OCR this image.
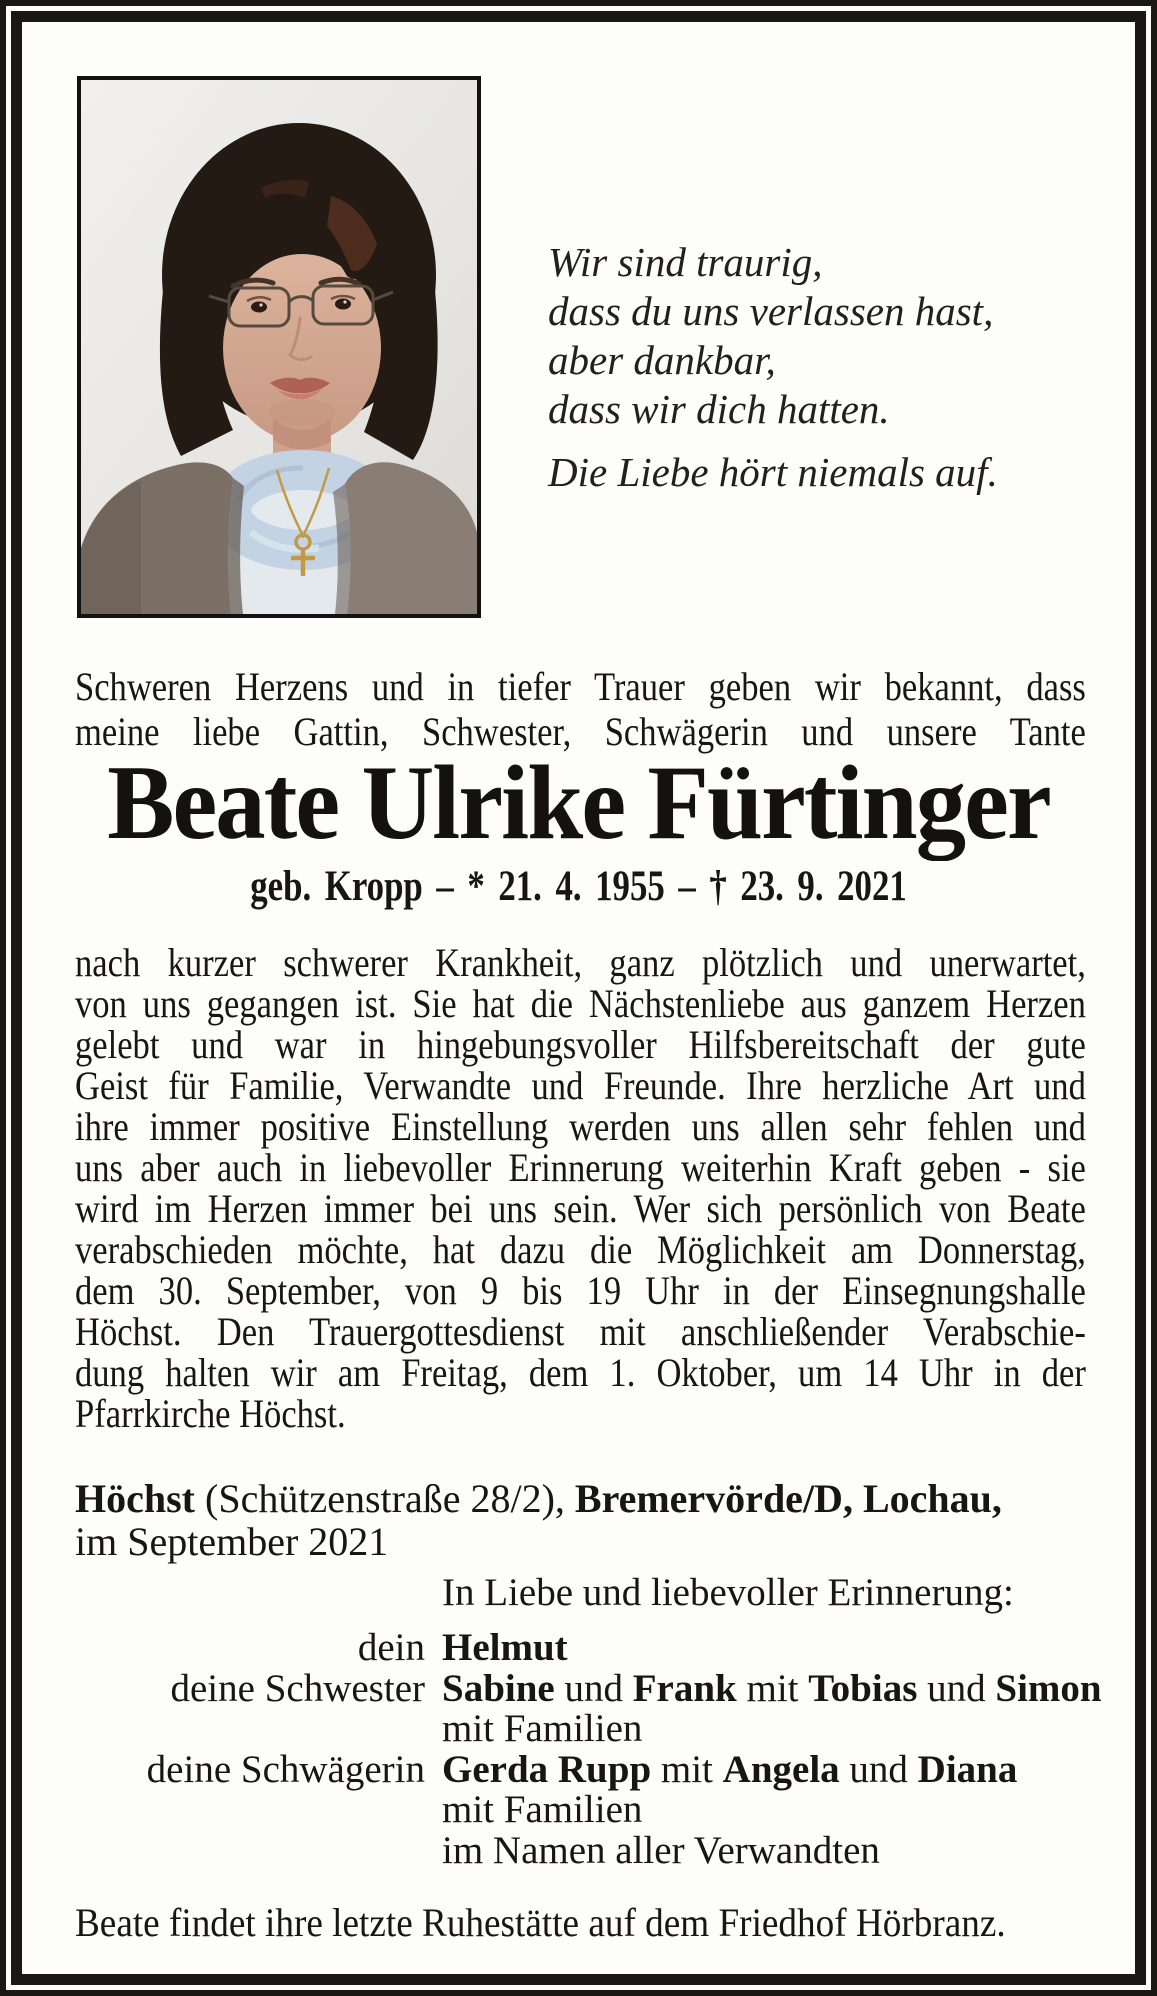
Wir sind traurig,
dass du uns verlassen hast,
aber dankbar,
dass wir dich hatten.
Die Liebe hört niemals auf.
Schweren Herzens und in tiefer Trauer geben wir bekannt, dass
meine liebe Gattin, Schwester, Schwägerin und unsere Tante
Beate Ulrike Fürtinger
geb. Kropp – * 21. 4. 1955 – † 23. 9. 2021
nach kurzer schwerer Krankheit, ganz plötzlich und unerwartet,
von uns gegangen ist. Sie hat die Nächstenliebe aus ganzem Herzen
gelebt und war in hingebungsvoller Hilfsbereitschaft der gute
Geist für Familie, Verwandte und Freunde. Ihre herzliche Art und
ihre immer positive Einstellung werden uns allen sehr fehlen und
uns aber auch in liebevoller Erinnerung weiterhin Kraft geben - sie
wird im Herzen immer bei uns sein. Wer sich persönlich von Beate
verabschieden möchte, hat dazu die Möglichkeit am Donnerstag,
dem 30. September, von 9 bis 19 Uhr in der Einsegnungshalle
Höchst. Den Trauergottesdienst mit anschließender Verabschie-
dung halten wir am Freitag, dem 1. Oktober, um 14 Uhr in der
Pfarrkirche Höchst.
Höchst (Schützenstraße 28/2), Bremervörde/D, Lochau,
im September 2021
In Liebe und liebevoller Erinnerung:
dein Helmut
deine Schwester Sabine und Frank mit Tobias und Simon
mit Familien
deine Schwägerin Gerda Rupp mit Angela und Diana
mit Familien
im Namen aller Verwandten
Beate findet ihre letzte Ruhestätte auf dem Friedhof Hörbranz.
